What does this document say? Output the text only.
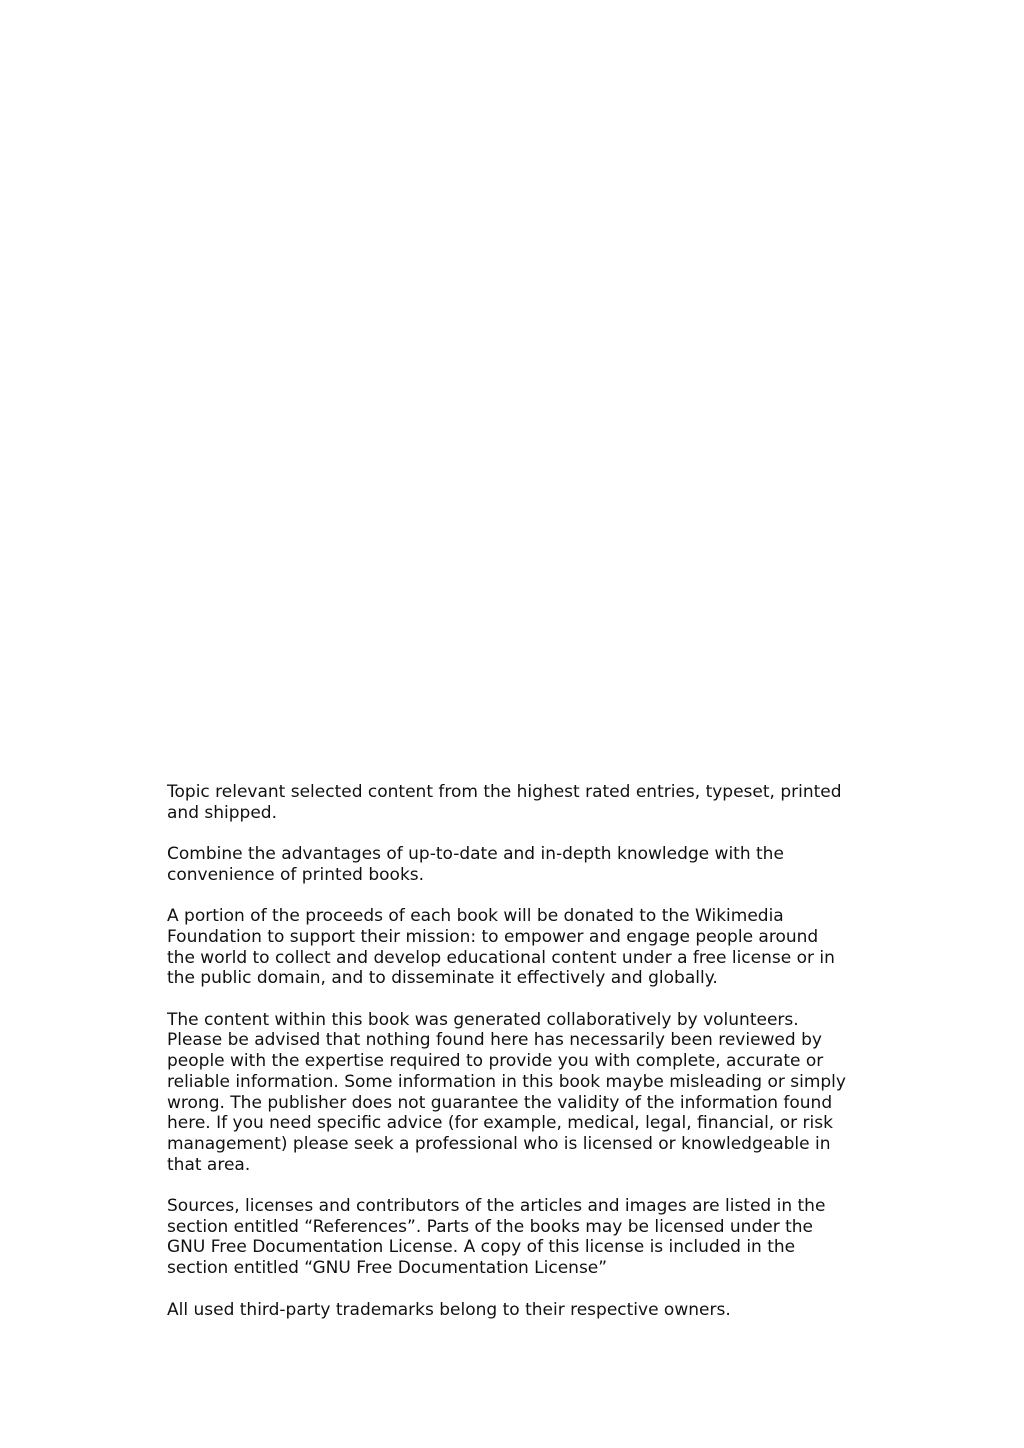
Topic relevant selected content from the highest rated entries, typeset, printed
and shipped.

Combine the advantages of up-to-date and in-depth knowledge with the
convenience of printed books.

A portion of the proceeds of each book will be donated to the Wikimedia
Foundation to support their mission: to empower and engage people around
the world to collect and develop educational content under a free license or in
the public domain, and to disseminate it effectively and globally.

The content within this book was generated collaboratively by volunteers.
Please be advised that nothing found here has necessarily been reviewed by
people with the expertise required to provide you with complete, accurate or
reliable information. Some information in this book maybe misleading or simply
wrong. The publisher does not guarantee the validity of the information found
here. If you need specific advice (for example, medical, legal, financial, or risk
management) please seek a professional who is licensed or knowledgeable in
that area.

Sources, licenses and contributors of the articles and images are listed in the
section entitled “References”. Parts of the books may be licensed under the
GNU Free Documentation License. A copy of this license is included in the
section entitled “GNU Free Documentation License”

All used third-party trademarks belong to their respective owners.
